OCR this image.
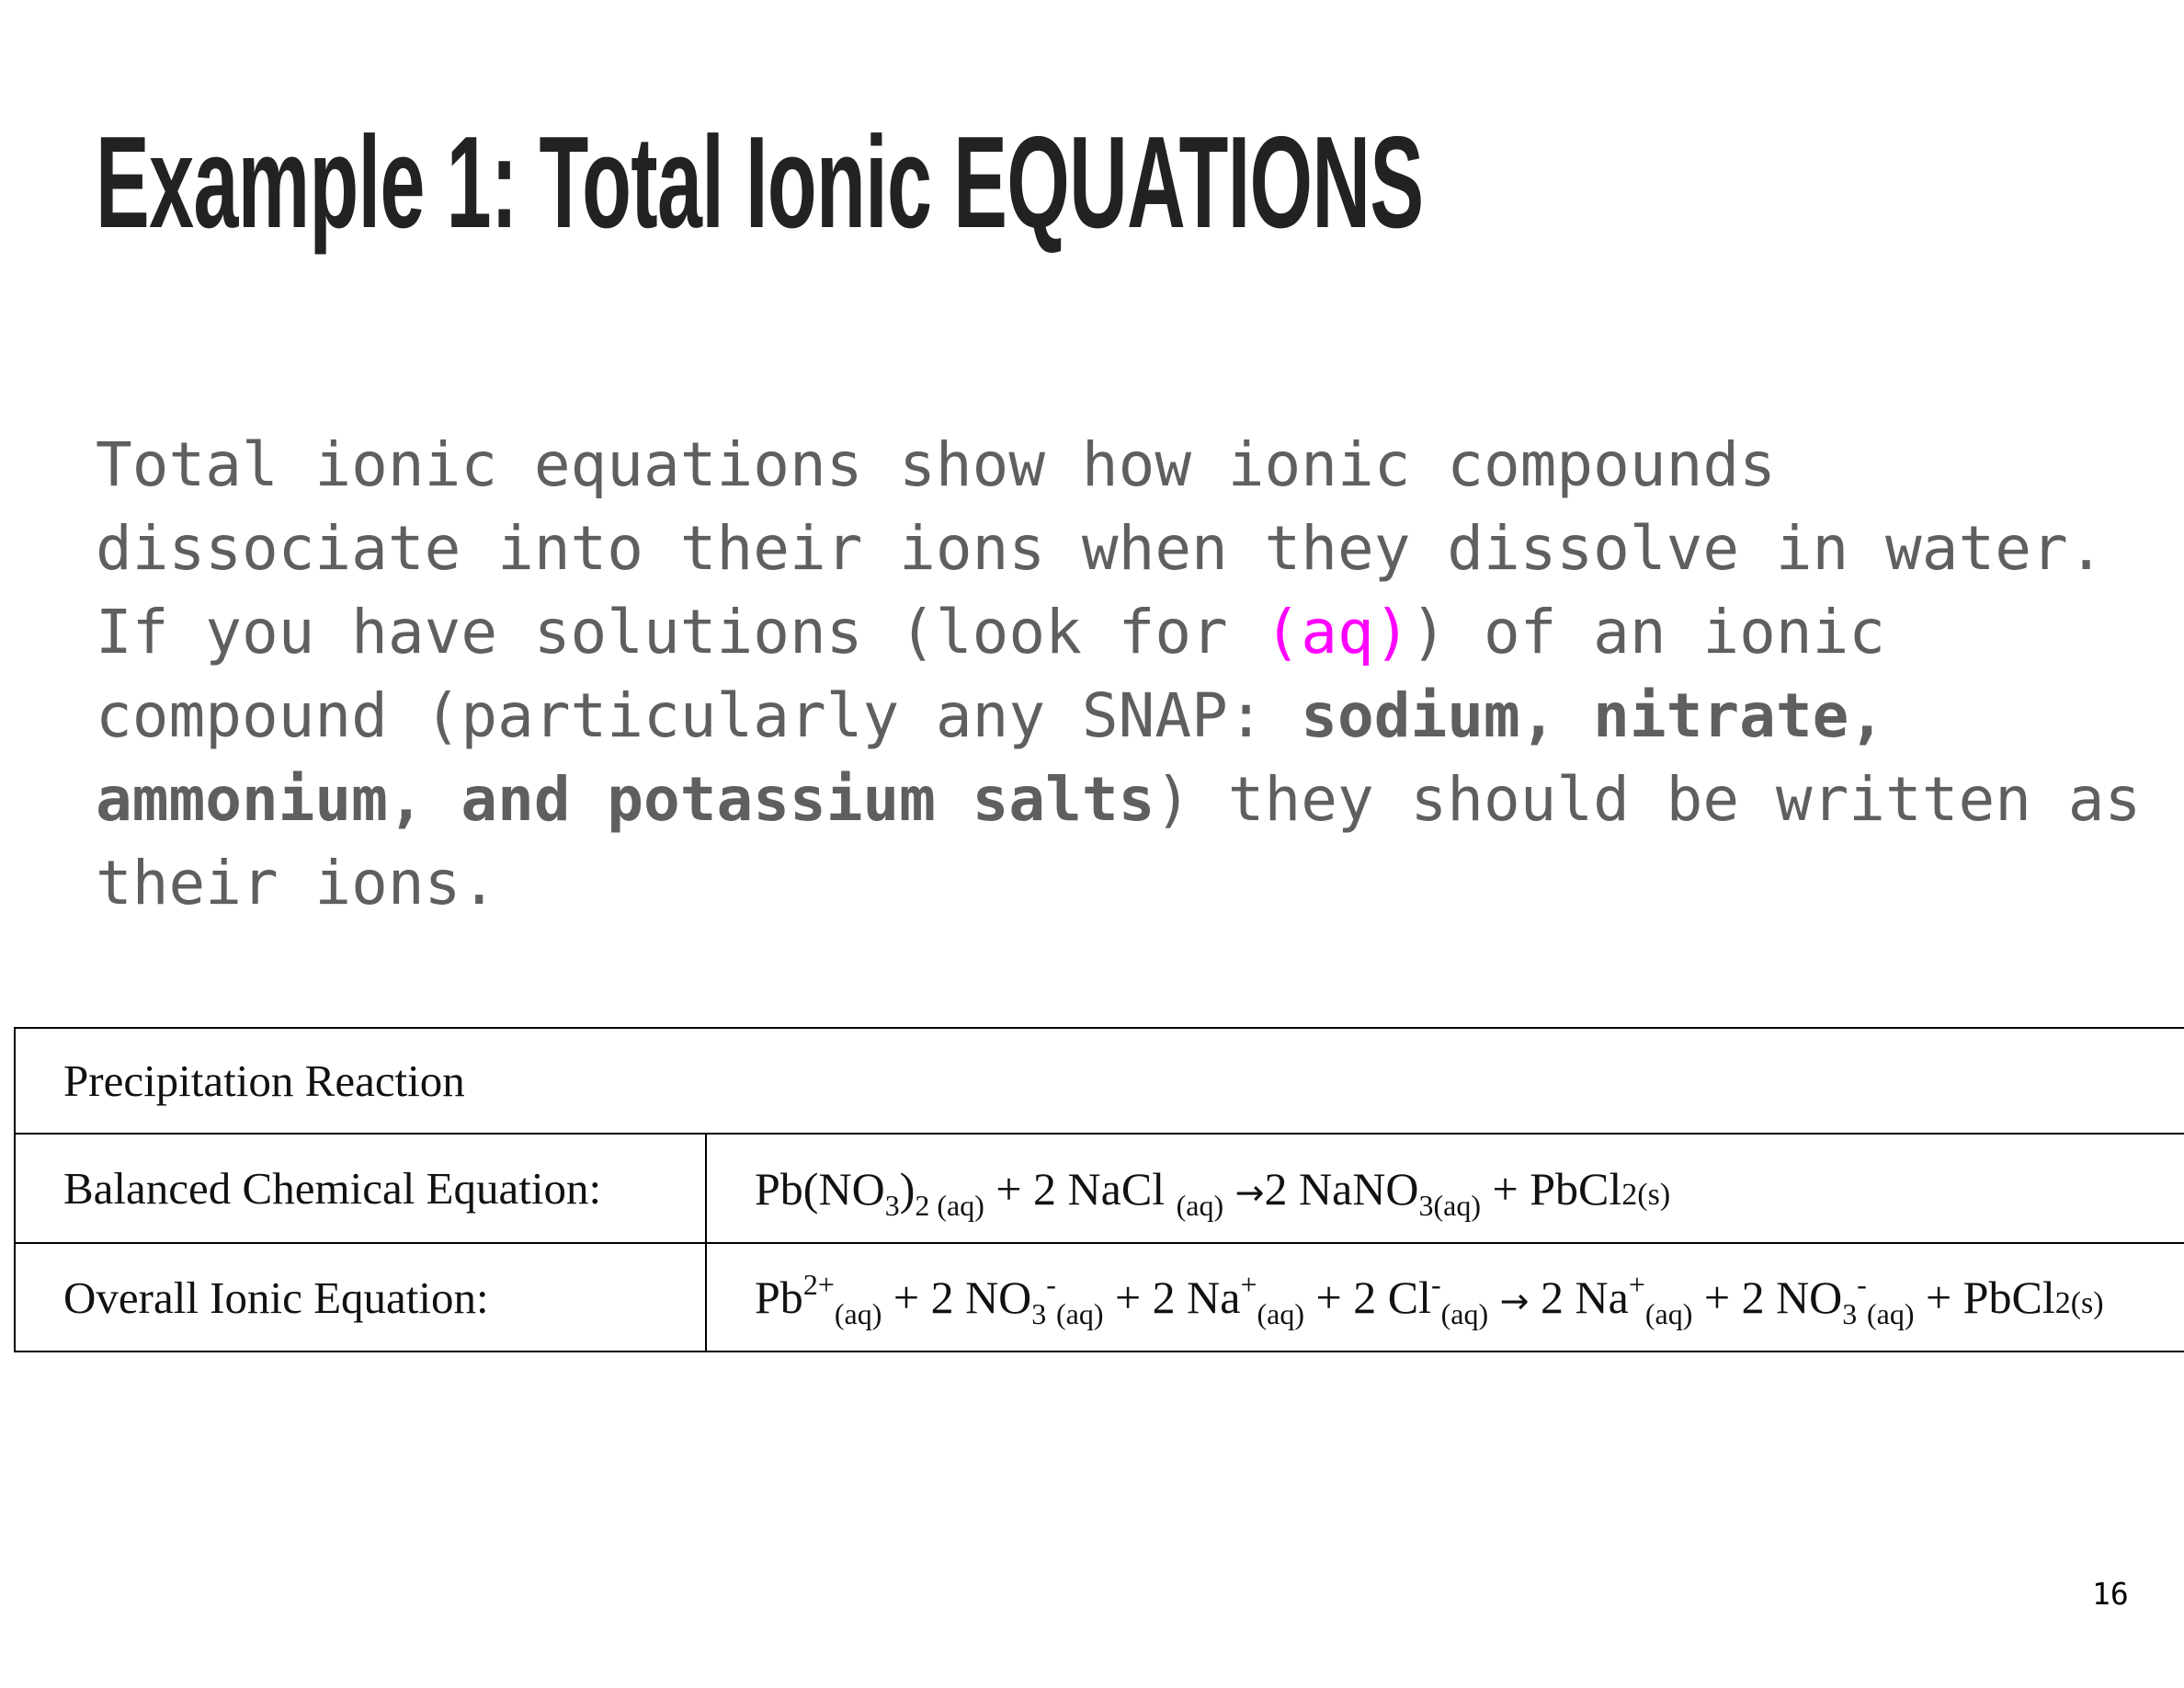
Example 1: Total Ionic EQUATIONS

Total ionic equations show how ionic compounds dissociate into their ions when they dissolve in water. If you have solutions (look for (aq)) of an ionic compound (particularly any SNAP: sodium, nitrate, ammonium, and potassium salts) they should be written as their ions.

Precipitation Reaction	
Balanced Chemical Equation:	$Pb(NO_3)_{2 (aq)} + 2$ NaCl $_{(aq)}$ →2 NaNO$_{3(aq)}$ + PbCl2(s)
Overall Ionic Equation:	$Pb^{2+}_{(aq)} + 2$ $NO_3^-_{(aq)} + 2$ $Na^+_{(aq)} + 2$ $Cl^-_{(aq)} \to 2$ $Na^+_{(aq)} + 2$ $NO_3^-_{(aq)}$ + PbCl2(s)
16
